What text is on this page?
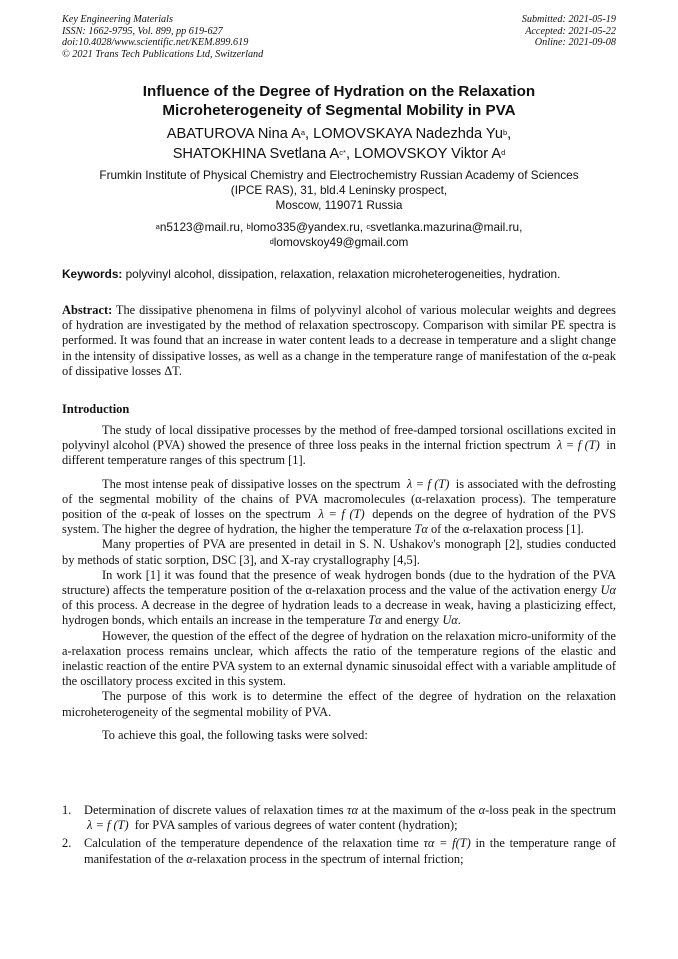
Key Engineering Materials
ISSN: 1662-9795, Vol. 899, pp 619-627
doi:10.4028/www.scientific.net/KEM.899.619
© 2021 Trans Tech Publications Ltd, Switzerland
Submitted: 2021-05-19
Accepted: 2021-05-22
Online: 2021-09-08
Influence of the Degree of Hydration on the Relaxation
Microheterogeneity of Segmental Mobility in PVA
ABATUROVA Nina $A^a$, LOMOVSKAYA Nadezhda Yu$^b$,
SHATOKHINA Svetlana $A^{c*}$, LOMOVSKOY Viktor $A^d$
Frumkin Institute of Physical Chemistry and Electrochemistry Russian Academy of Sciences
(IPCE RAS), 31, bld.4 Leninsky prospect,
Moscow, 119071 Russia
$^a$n5123@mail.ru, $^b$lomo335@yandex.ru, $^c$svetlanka.mazurina@mail.ru,
$^d$lomovskoy49@gmail.com
Keywords: polyvinyl alcohol, dissipation, relaxation, relaxation microheterogeneities, hydration.
Abstract: The dissipative phenomena in films of polyvinyl alcohol of various molecular weights and degrees of hydration are investigated by the method of relaxation spectroscopy. Comparison with similar PE spectra is performed. It was found that an increase in water content leads to a decrease in temperature and a slight change in the intensity of dissipative losses, as well as a change in the temperature range of manifestation of the α-peak of dissipative losses ΔT.
Introduction

The study of local dissipative processes by the method of free-damped torsional oscillations excited in polyvinyl alcohol (PVA) showed the presence of three loss peaks in the internal friction spectrum λ = f (T) in different temperature ranges of this spectrum [1].

The most intense peak of dissipative losses on the spectrum λ = f (T) is associated with the defrosting of the segmental mobility of the chains of PVA macromolecules (α-relaxation process). The temperature position of the α-peak of losses on the spectrum λ = f (T) depends on the degree of hydration of the PVS system. The higher the degree of hydration, the higher the temperature Tα of the α-relaxation process [1].

Many properties of PVA are presented in detail in S. N. Ushakov's monograph [2], studies conducted by methods of static sorption, DSC [3], and X-ray crystallography [4,5].

In work [1] it was found that the presence of weak hydrogen bonds (due to the hydration of the PVA structure) affects the temperature position of the α-relaxation process and the value of the activation energy Uα of this process. A decrease in the degree of hydration leads to a decrease in weak, having a plasticizing effect, hydrogen bonds, which entails an increase in the temperature Tα and energy Uα.

However, the question of the effect of the degree of hydration on the relaxation micro-uniformity of the a-relaxation process remains unclear, which affects the ratio of the temperature regions of the elastic and inelastic reaction of the entire PVA system to an external dynamic sinusoidal effect with a variable amplitude of the oscillatory process excited in this system.

The purpose of this work is to determine the effect of the degree of hydration on the relaxation microheterogeneity of the segmental mobility of PVA.

To achieve this goal, the following tasks were solved:

1. Determination of discrete values of relaxation times τα at the maximum of the α-loss peak in the spectrum λ = f (T) for PVA samples of various degrees of water content (hydration);
2. Calculation of the temperature dependence of the relaxation time τα = f(T) in the temperature range of manifestation of the α-relaxation process in the spectrum of internal friction;
